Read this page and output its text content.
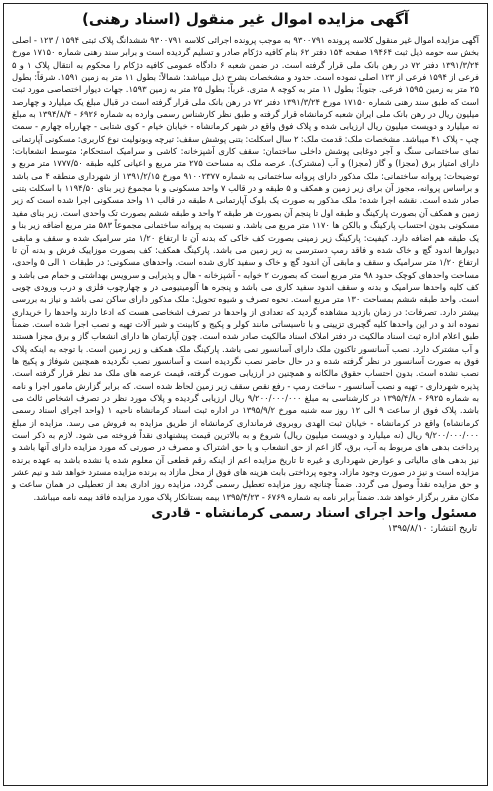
آگهی مزایده اموال غیر منقول (اسناد رهنی)

آگهی مزایده اموال غیر منقول کلاسه پرونده ۹۳۰۰۷۹۱ به موجب پرونده اجرائی کلاسه ۹۳۰۰۷۹۱ ششدانگ پلاک ثبتی ۱۵۹۴ / ۱۲۳ - اصلی بخش سه حومه ذیل ثبت ۱۹۴۶۴ صفحه ۱۵۴ دفتر ۶۲ بنام کافیه دژکام صادر و تسلیم گردیده است و برابر سند رهنی شماره ۱۷۱۵۰ مورخ ۱۳۹۱/۳/۲۴ دفتر ۷۲ در رهن بانک ملی قرار گرفته است. در ضمن شعبه ۶ دادگاه عمومی کافیه دژکام را محکوم به انتقال پلاک ۱ و ۵ فرعی از ۱۵۹۴ فرعی از ۱۲۳ اصلی نموده است. حدود و مشخصات بشرح ذیل میباشد: شمالاً: بطول ۱۱ متر به زمین ۱۵۹۱. شرقاً: بطول ۲۵ متر به زمین ۱۵۹۵ فرعی. جنوباً: بطول ۱۱ متر به کوچه ۸ متری. غرباً: بطول ۲۵ متر به زمین ۱۵۹۳. جهات دیوار اختصاصی مورد ثبت است که طبق سند رهنی شماره ۱۷۱۵۰ مورخ ۱۳۹۱/۳/۲۴ دفتر ۷۲ در رهن بانک ملی قرار گرفته است در قبال مبلغ یک میلیارد و چهارصد میلیون ریال در رهن بانک ملی ایران شعبه کرمانشاه قرار گرفته و طبق نظر کارشناس رسمی وارده به شماره ۶۹۲۶ - ۱۳۹۴/۸/۴ به مبلغ نه میلیارد و دویست میلیون ریال ارزیابی شده و پلاک فوق واقع در شهر کرمانشاه - خیابان خیام - کوی شتابی - چهارراه چهارم - سمت چپ - پلاک ۴۱ میباشد. مشخصات ملک: قدمت ملک: ۲ سال اسکلت: بتنی پوشش سقف: تیرچه وبونولیت نوع کاربری: مسکونی آپارتمانی نمای ساختمانی سنگ و آجر دوغابی پوشش داخلی ساختمان: سقف کاری آشپزخانه: کاشی و سرامیک استحکام: متوسط انشعابات: دارای امتیاز برق (مجزا) و گاز (مجزا) و آب (مشترک). عرصه ملک به مساحت ۲۷۵ متر مربع و اعیانی کلیه طبقه ۱۷۷۷/۵۰ متر مربع و توضیحات: پروانه ساختمانی: ملک مذکور دارای پروانه ساختمانی به شماره ۹۱۰۰۲۳۷۷ مورخ ۱۳۹۱/۲/۱۵ از شهرداری منطقه ۴ می باشد و براساس پروانه، مجوز آن برای زیر زمین و همکف و ۵ طبقه و در قالب ۷ واحد مسکونی و با مجموع زیر بنای ۱۱۹۴/۵۰ با اسکلت بتنی صادر شده است. نقشه اجرا شده: ملک مذکور به صورت یک بلوک آپارتمانی ۸ طبقه در قالب ۱۱ واحد مسکونی اجرا شده است که زیر زمین و همکف آن بصورت پارکینگ و طبقه اول تا پنجم آن بصورت هر طبقه ۲ واحد و طبقه ششم بصورت تک واحدی است. زیر بنای مفید مسکونی بدون احتساب پارکینگ و بالکن ها ۱۱۷۰ متر مربع می باشد. و نسبت به پروانه ساختمانی مجموعاً ۵۸۳ متر مربع اضافه زیر بنا و یک طبقه هم اضافه دارد. کیفیت: پارکینگ زیر زمینی بصورت کف خاکی که بدنه آن تا ارتفاع ۱/۲۰ متر سرامیک شده و سقف و مابقی دیوارها اندود گچ و خاک شده و فاقد رمپ دسترسی به زیر زمین می باشد. پارکینگ همکف: کف بصورت موزاییک فرش و بدنه آن تا ارتفاع ۱/۲۰ متر سرامیک و سقف و مابقی آن اندود گچ و خاک و سفید کاری شده است. واحدهای مسکونی: در طبقات ۱ الی ۵ واحدی، مساحت واحدهای کوچک حدود ۹۸ متر مربع است که بصورت ۲ خوابه - آشپزخانه - هال و پذیرایی و سرویس بهداشتی و حمام می باشد و کف کلیه واحدها سرامیک و بدنه و سقف اندود سفید کاری می باشد و پنجره ها آلومینیومی در و چهارچوب فلزی و درب ورودی چوبی است. واحد طبقه ششم بمساحت ۱۳۰ متر مربع است. نحوه تصرف و شیوه تحویل: ملک مذکور دارای ساکن نمی باشد و نیاز به بررسی بیشتر دارد. تصرفات: در زمان بازدید مشاهده گردید که تعدادی از واحدها در تصرف اشخاصی هست که ادعا دارند واحدها را خریداری نموده اند و در این واحدها کلیه گچبری تزیینی و با تاسیساتی مانند کولر و پکیج و کابینت و شیر آلات تهیه و نصب اجرا شده است. ضمناً طبق اعلام اداره ثبت اسناد مالکیت در دفتر املاک اسناد مالکیت صادر شده است. چون آپارتمان ها دارای انشعاب گاز و برق مجزا هستند و آب مشترک دارد. نصب آسانسور تاکنون ملک دارای آسانسور نمی باشد. پارکینگ ملک همکف و زیر زمین است. با توجه به اینکه پلاک فوق به صورت آسانسور در نظر گرفته شده و در حال حاضر نصب نگردیده است و آسانسور نصب نگردیده همچنین شوفاژ و پکیج ها نصب نشده است. بدون احتساب حقوق مالکانه و همچنین در ارزیابی صورت گرفته، قیمت عرصه های ملک مد نظر قرار گرفته است. پذیره شهرداری - تهیه و نصب آسانسور - ساخت رمپ - رفع نقص سقف زیر زمین لحاظ شده است. که برابر گزارش مامور اجرا و نامه به شماره ۶۹۲۵ - ۱۳۹۵/۴/۸ در کارشناسی به مبلغ ۹/۲۰۰/۰۰۰/۰۰۰ ریال ارزیابی گردیده و پلاک مورد نظر در تصرف اشخاص ثالث می باشد. پلاک فوق از ساعت ۹ الی ۱۲ روز سه شنبه مورخ ۱۳۹۵/۹/۲ در اداره ثبت اسناد کرمانشاه ناحیه ۱ (واحد اجرای اسناد رسمی کرمانشاه) واقع در کرمانشاه - خیابان ثبت الهدی روبروی فرمانداری کرمانشاه از طریق مزایده به فروش می رسد. مزایده از مبلغ ۹/۲۰۰/۰۰۰/۰۰۰ ریال (نه میلیارد و دویست میلیون ریال) شروع و به بالاترین قیمت پیشنهادی نقداً فروخته می شود. لازم به ذکر است پرداخت بدهی های مربوط به آب، برق، گاز اعم از حق انشعاب و یا حق اشتراک و مصرف در صورتی که مورد مزایده دارای آنها باشد و نیز بدهی های مالیاتی و عوارض شهرداری و غیره تا تاریخ مزایده اعم از اینکه رقم قطعی آن معلوم شده یا نشده باشد به عهده برنده مزایده است و نیز در صورت وجود مازاد، وجوه پرداختی بابت هزینه های فوق از محل مازاد به برنده مزایده مسترد خواهد شد و نیم عشر و حق مزایده نقداً وصول می گردد. ضمناً چنانچه روز مزایده تعطیل رسمی گردد، مزایده روز اداری بعد از تعطیلی در همان ساعت و مکان مقرر برگزار خواهد شد. ضمناً برابر نامه به شماره ۶۷۶۹ - ۱۳۹۵/۴/۲۳ بیمه بستانکار پلاک مورد مزایده فاقد بیمه نامه میباشد.

مسئول واحد اجرای اسناد رسمی کرمانشاه - قادری
تاریخ انتشار: ۱۳۹۵/۸/۱۰
